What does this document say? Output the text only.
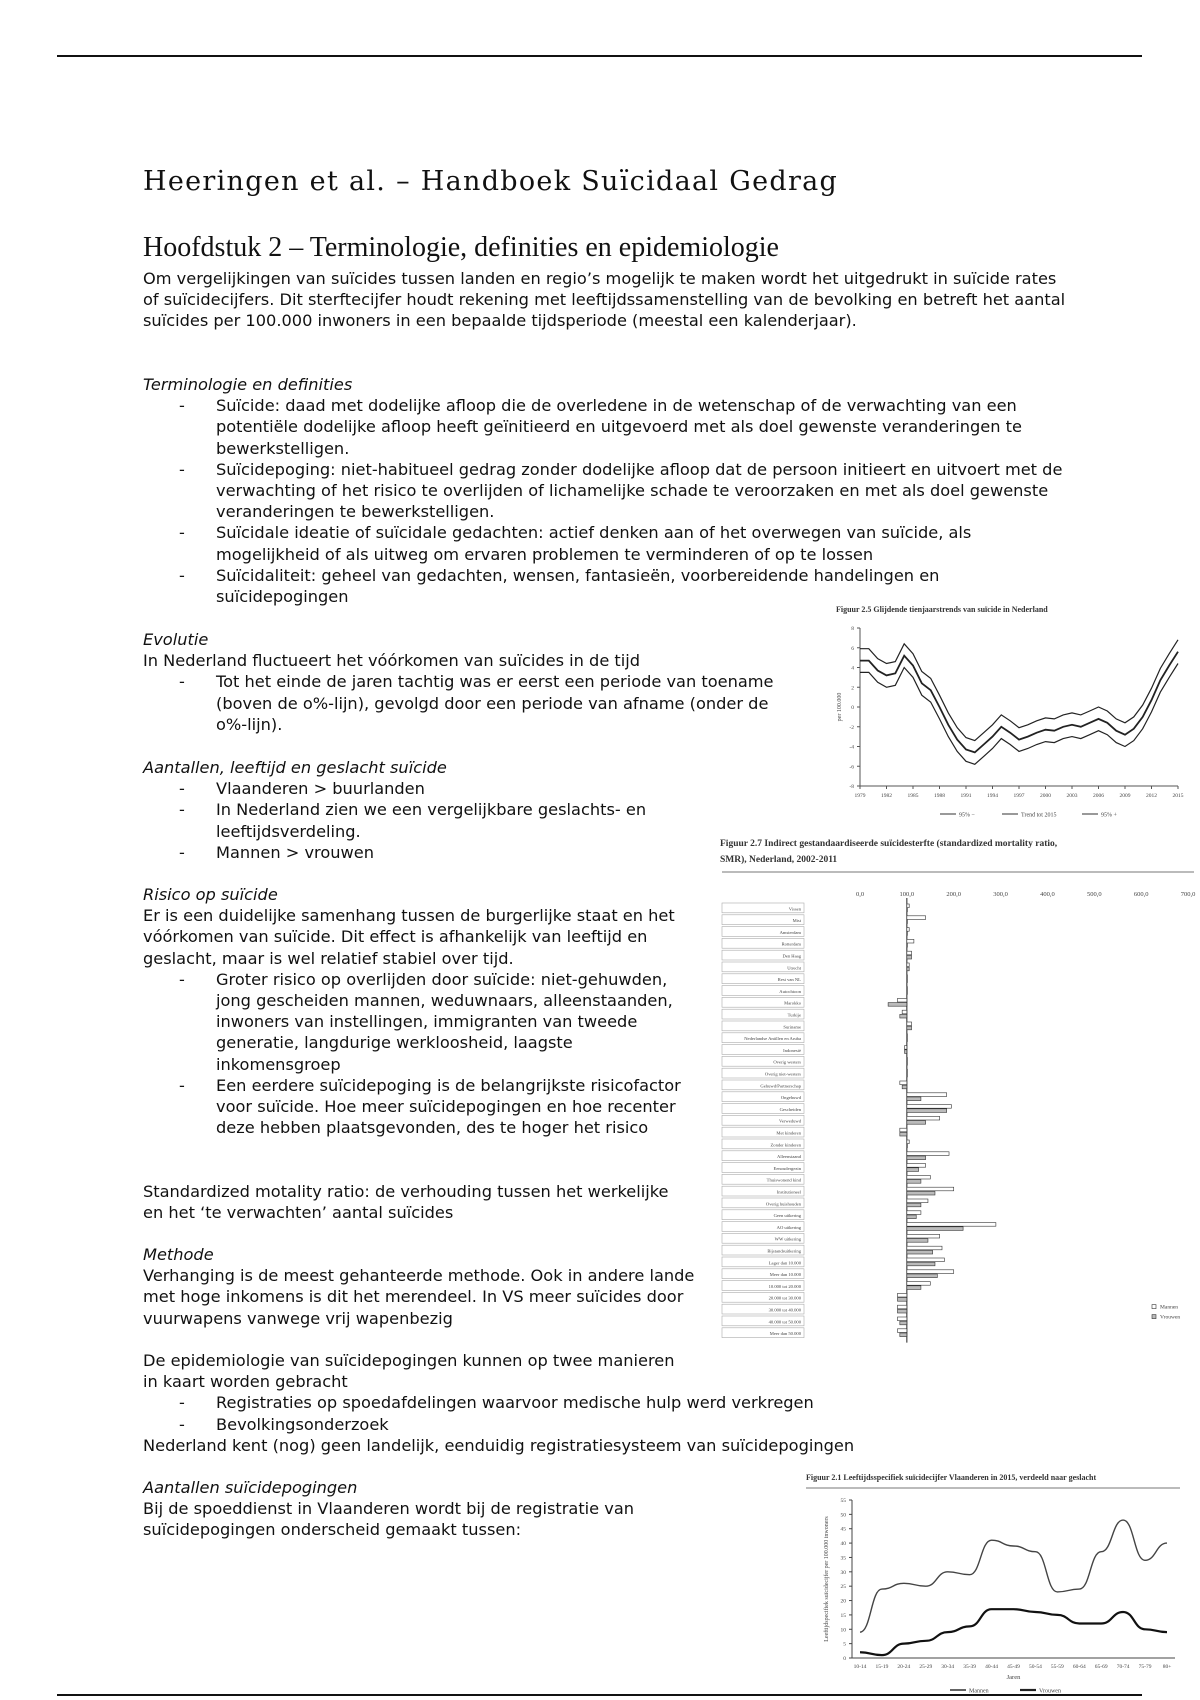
Heeringen et al. – Handboek Suïcidaal Gedrag
Hoofdstuk 2 – Terminologie, definities en epidemiologie

Om vergelijkingen van suïcides tussen landen en regio’s mogelijk te maken wordt het uitgedrukt in suïcide rates of suïcidecijfers. Dit sterftecijfer houdt rekening met leeftijdssamenstelling van de bevolking en betreft het aantal suïcides per 100.000 inwoners in een bepaalde tijdsperiode (meestal een kalenderjaar).

Terminologie en definities

- Suïcide: daad met dodelijke afloop die de overledene in de wetenschap of de verwachting van een potentiële dodelijke afloop heeft geïnitieerd en uitgevoerd met als doel gewenste veranderingen te bewerkstelligen.
- Suïcidepoging: niet-habitueel gedrag zonder dodelijke afloop dat de persoon initieert en uitvoert met de verwachting of het risico te overlijden of lichamelijke schade te veroorzaken en met als doel gewenste veranderingen te bewerkstelligen.
- Suïcidale ideatie of suïcidale gedachten: actief denken aan of het overwegen van suïcide, als mogelijkheid of als uitweg om ervaren problemen te verminderen of op te lossen
- Suïcidaliteit: geheel van gedachten, wensen, fantasieën, voorbereidende handelingen en suïcidepogingen

Evolutie

In Nederland fluctueert het vóórkomen van suïcides in de tijd

- Tot het einde de jaren tachtig was er eerst een periode van toename (boven de o%-lijn), gevolgd door een periode van afname (onder de o%-lijn).

Aantallen, leeftijd en geslacht suïcide

- Vlaanderen > buurlanden
- In Nederland zien we een vergelijkbare geslachts- en leeftijdsverdeling.
- Mannen > vrouwen

Risico op suïcide

Er is een duidelijke samenhang tussen de burgerlijke staat en het vóórkomen van suïcide. Dit effect is afhankelijk van leeftijd en geslacht, maar is wel relatief stabiel over tijd.

- Groter risico op overlijden door suïcide: niet-gehuwden, jong gescheiden mannen, weduwnaars, alleenstaanden, inwoners van instellingen, immigranten van tweede generatie, langdurige werkloosheid, laagste inkomensgroep
- Een eerdere suïcidepoging is de belangrijkste risicofactor voor suïcide. Hoe meer suïcidepogingen en hoe recenter deze hebben plaatsgevonden, des te hoger het risico

Standardized motality ratio: de verhouding tussen het werkelijke en het ‘te verwachten’ aantal suïcides

Methode

Verhanging is de meest gehanteerde methode. Ook in andere lande met hoge inkomens is dit het merendeel. In VS meer suïcides door vuurwapens vanwege vrij wapenbezig

De epidemiologie van suïcidepogingen kunnen op twee manieren in kaart worden gebracht

- Registraties op spoedafdelingen waarvoor medische hulp werd verkregen
- Bevolkingsonderzoek

Nederland kent (nog) geen landelijk, eenduidig registratiesysteem van suïcidepogingen

Aantallen suïcidepogingen

Bij de spoeddienst in Vlaanderen wordt bij de registratie van suïcidepogingen onderscheid gemaakt tussen:

Figuur 2.5 Glijdende tienjaarstrends van suïcide in Nederland
8
6
4
2
0
-2
-4
-6
-8
1979	1982	1985	1988	1991	1994	1997	2000	2003	2006	2009	2012	2015
per 100.000
95% −	Trend tot 2015	95% +
Figuur 2.7 Indirect gestandaardiseerde suïcidesterfte (standardized mortality ratio,
SMR), Nederland, 2002-2011
0,0	100,0	200,0	300,0	400,0	500,0	600,0	700,0
Vissen
Mist
Amsterdam
Rotterdam
Den Haag
Utrecht
Rest van NL
Autochtoon
Marokko
Turkije
Suriname
Nederlandse Antillen en Aruba
Indonesië
Overig westers
Overig niet-westers
Gehuwd/Partnerschap
Ongehuwd
Gescheiden
Verweduwd
Met kinderen
Zonder kinderen
Alleenstaand
Eenoudergezin
Thuiswonend kind
Institutioneel
Overig huishouden
Geen uitkering
AO uitkering
WW uitkering
Bijstandsuitkering
Lager dan 10.000
Meer dan 10.000
10.000 tot 20.000
20.000 tot 30.000
30.000 tot 40.000
40.000 tot 50.000
Meer dan 50.000
Mannen
Vrouwen
Figuur 2.1 Leeftijdsspecifiek suïcidecijfer Vlaanderen in 2015, verdeeld naar geslacht
55
50
45
40
35
30
25
20
15
10
5
0
10-14 15-19 20-24 25-29 30-34 35-39 40-44 45-49 50-54 55-59 60-64 65-69 70-74 75-79 80+
Jaren
Leeftijdspecifiek suïcidecijfer per 100.000 inwoners
Mannen	Vrouwen
